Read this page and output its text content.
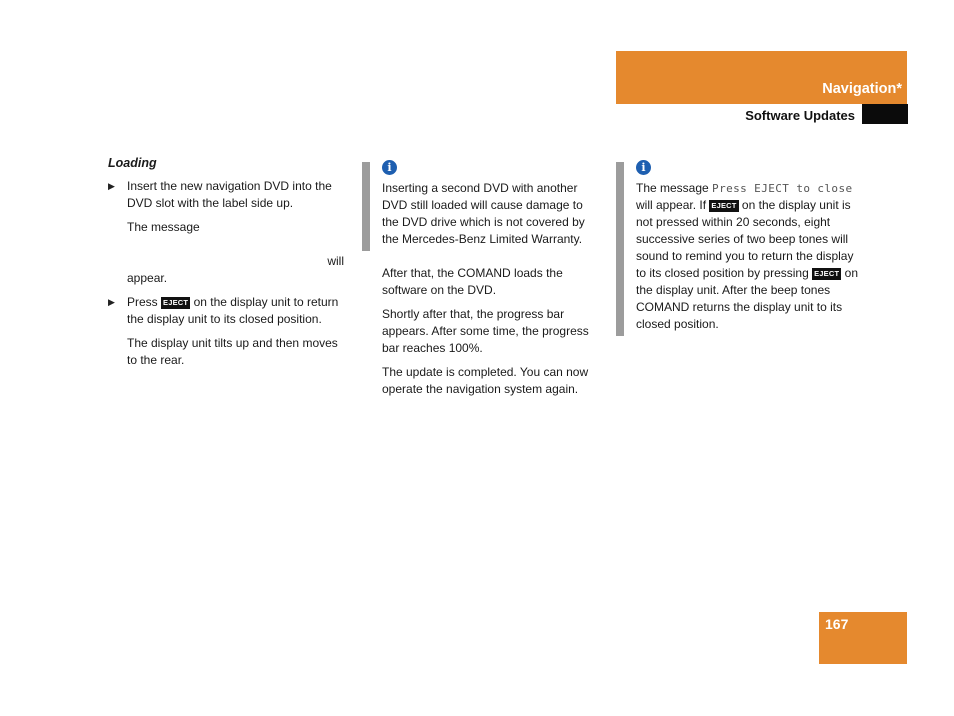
Navigation*
Software Updates
Loading
▶ Insert the new navigation DVD into the DVD slot with the label side up.

The message

will

appear.

▶ Press EJECT on the display unit to return the display unit to its closed position.

The display unit tilts up and then moves to the rear.

i

Inserting a second DVD with another DVD still loaded will cause damage to the DVD drive which is not covered by the Mercedes-Benz Limited Warranty.

After that, the COMAND loads the software on the DVD.

Shortly after that, the progress bar appears. After some time, the progress bar reaches 100%.

The update is completed. You can now operate the navigation system again.

i

The message Press EJECT to close will appear. If EJECT on the display unit is not pressed within 20 seconds, eight successive series of two beep tones will sound to remind you to return the display to its closed position by pressing EJECT on the display unit. After the beep tones COMAND returns the display unit to its closed position.

167
